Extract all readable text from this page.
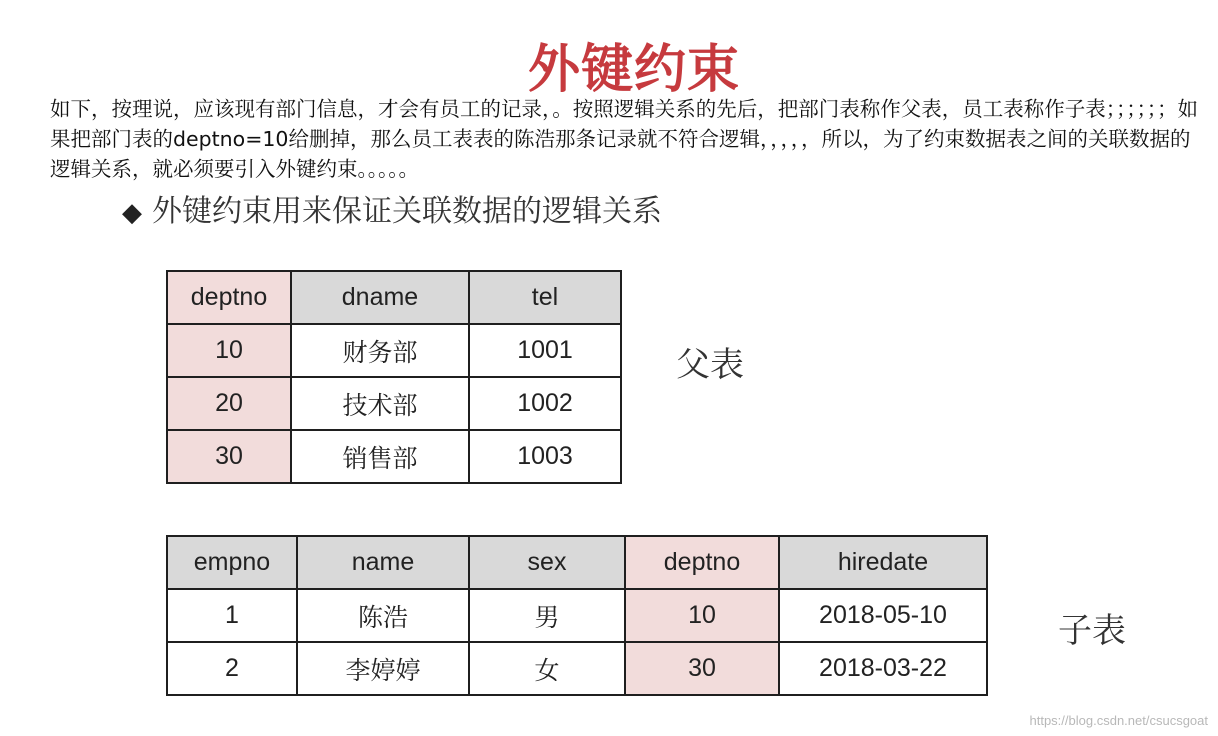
外键约束

如下，按理说，应该现有部门信息，才会有员工的记录，。按照逻辑关系的先后，把部门表称作父表，员工表称作子表；；；；；；如果把部门表的deptno=10给删掉，那么员工表表的陈浩那条记录就不符合逻辑，，，，，所以，为了约束数据表之间的关联数据的逻辑关系，就必须要引入外键约束。。。。。

◆ 外键约束用来保证关联数据的逻辑关系
deptno	dname	tel
10	财务部	1001
20	技术部	1002
30	销售部	1003
父表
empno	name	sex	deptno	hiredate
1	陈浩	男	10	2018-05-10
2	李婷婷	女	30	2018-03-22
子表
https://blog.csdn.net/csucsgoat
